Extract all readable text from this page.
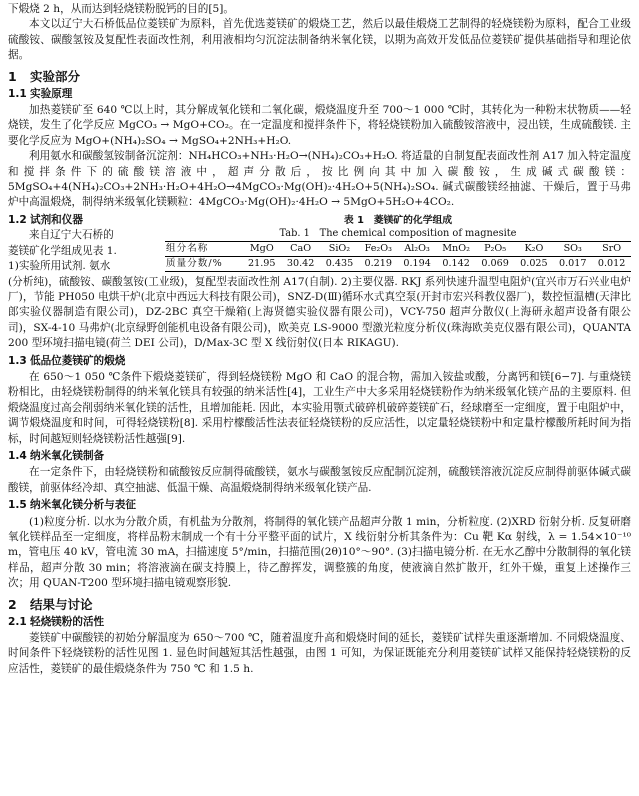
下煅烧 2 h，从而达到轻烧镁粉脱钙的目的[5]。

本文以辽宁大石桥低品位菱镁矿为原料，首先优选菱镁矿的煅烧工艺，然后以最佳煅烧工艺制得的轻烧镁粉为原料，配合工业级硫酸铵、碳酸氢铵及复配性表面改性剂，利用液相均匀沉淀法制备纳米氧化镁，以期为高效开发低品位菱镁矿提供基础指导和理论依据。

1 实验部分
1.1 实验原理

加热菱镁矿至 640 ℃以上时，其分解成氧化镁和二氧化碳，煅烧温度升至 700～1 000 ℃时，其转化为一种粉末状物质——轻烧镁，发生了化学反应 MgCO₃ → MgO+CO₂。在一定温度和搅拌条件下，将轻烧镁粉加入硫酸铵溶液中，浸出镁，生成硫酸镁. 主要化学反应为 MgO+(NH₄)₂SO₄ → MgSO₄+2NH₃+H₂O.

利用氨水和碳酸氢铵制备沉淀剂：NH₄HCO₃+NH₃·H₂O→(NH₄)₂CO₃+H₂O. 将适量的自制复配表面改性剂 A17 加入特定温度和搅拌条件下的硫酸镁溶液中，超声分散后，按比例向其中加入碳酸铵，生成碱式碳酸镁：5MgSO₄+4(NH₄)₂CO₃+2NH₃·H₂O+4H₂O→4MgCO₃·Mg(OH)₂·4H₂O+5(NH₄)₂SO₄. 碱式碳酸镁经抽滤、干燥后，置于马弗炉中高温煅烧，制得纳米级氧化镁颗粒：4MgCO₃·Mg(OH)₂·4H₂O → 5MgO+5H₂O+4CO₂.

1.2 试剂和仪器	表 1　菱镁矿的化学组成
Tab. 1　The chemical composition of magnesite
组分名称	MgO	CaO	SiO₂	Fe₂O₃	Al₂O₃	MnO₂	P₂O₅	K₂O	SO₃	SrO
质量分数/%	21.95	30.42	0.435	0.219	0.194	0.142	0.069	0.025	0.017	0.012

来自辽宁大石桥的

菱镁矿化学组成见表 1.

1)实验所用试剂. 氨水

(分析纯)，硫酸铵、碳酸氢铵(工业级)，复配型表面改性剂 A17(自制). 2)主要仪器. RKJ 系列快速升温型电阻炉(宜兴市万石兴业电炉厂)，节能 PH050 电烘干炉(北京中西远大科技有限公司)，SNZ-D(Ⅲ)循环水式真空泵(开封市宏兴科教仪器厂)，数控恒温槽(天津比郎实验仪器制造有限公司)，DZ-2BC 真空干燥箱(上海贤德实验仪器有限公司)，VCY-750 超声分散仪(上海研永超声设备有限公司)，SX-4-10 马弗炉(北京绿野创能机电设备有限公司)，欧美克 LS-9000 型激光粒度分析仪(珠海欧美克仪器有限公司)，QUANTA 200 型环境扫描电镜(荷兰 DEI 公司)，D/Max-3C 型 X 线衍射仪(日本 RIKAGU).

1.3 低品位菱镁矿的煅烧

在 650～1 050 ℃条件下煅烧菱镁矿，得到轻烧镁粉 MgO 和 CaO 的混合物，需加入铵盐或酸，分离钙和镁[6−7]. 与重烧镁粉相比，由轻烧镁粉制得的纳米氧化镁具有较强的纳米活性[4]，工业生产中大多采用轻烧镁粉作为纳米级氧化镁产品的主要原料. 但煅烧温度过高会削弱纳米氧化镁的活性，且增加能耗. 因此，本实验用颚式破碎机破碎菱镁矿石，经球磨至一定细度，置于电阻炉中，调节煅烧温度和时间，可得轻烧镁粉[8]. 采用柠檬酸活性法表征轻烧镁粉的反应活性，以定量轻烧镁粉中和定量柠檬酸所耗时间为指标，时间越短则轻烧镁粉活性越强[9].

1.4 纳米氧化镁制备

在一定条件下，由轻烧镁粉和硫酸铵反应制得硫酸镁，氨水与碳酸氢铵反应配制沉淀剂，硫酸镁溶液沉淀反应制得前驱体碱式碳酸镁，前驱体经冷却、真空抽滤、低温干燥、高温煅烧制得纳米级氧化镁产品.

1.5 纳米氧化镁分析与表征

(1)粒度分析. 以水为分散介质，有机盐为分散剂，将制得的氧化镁产品超声分散 1 min，分析粒度. (2)XRD 衍射分析. 反复研磨氧化镁样品至一定细度，将样品粉末制成一个有十分平整平面的试片，X 线衍射分析其条件为：Cu 靶 Kα 射线，λ = 1.54×10⁻¹⁰ m，管电压 40 kV，管电流 30 mA，扫描速度 5°/min，扫描范围(2θ)10°～90°. (3)扫描电镜分析. 在无水乙醇中分散制得的氧化镁样品，超声分散 30 min；将溶液滴在碳支持膜上，待乙醇挥发，调整簇的角度，使液滴自然扩散开，红外干燥，重复上述操作三次；用 QUAN-T200 型环境扫描电镜观察形貌.

2 结果与讨论
2.1 轻烧镁粉的活性

菱镁矿中碳酸镁的初始分解温度为 650～700 ℃，随着温度升高和煅烧时间的延长，菱镁矿试样失重逐渐增加. 不同煅烧温度、时间条件下轻烧镁粉的活性见图 1. 显色时间越短其活性越强，由图 1 可知，为保证既能充分利用菱镁矿试样又能保持轻烧镁粉的反应活性，菱镁矿的最佳煅烧条件为 750 ℃ 和 1.5 h.
